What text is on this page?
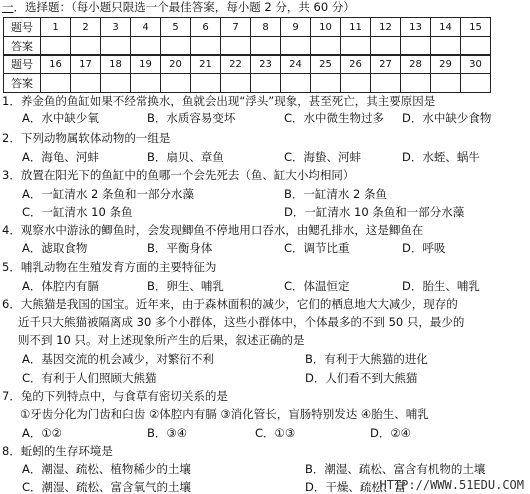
一．选择题：（每小题只限选一个最佳答案，每小题 2 分，共 60 分）
题号	1	2	3	4	5	6	7	8	9	10	11	12	13	14	15
答案															
题号	16	17	18	19	20	21	22	23	24	25	26	27	28	29	30
答案															
1．养金鱼的鱼缸如果不经常换水，鱼就会出现“浮头”现象，甚至死亡，其主要原因是
A．水中缺少氧	B．水质容易变坏	C．水中微生物过多 D．水中缺少食物
2．下列动物属软体动物的一组是
A．海龟、河蚌	B．扇贝、章鱼	C．海蛰、河蚌	D．水蛭、蜗牛
3．放置在阳光下的鱼缸中的鱼哪一个会先死去（鱼、缸大小均相同）
A．一缸清水 2 条鱼和一部分水藻	B．一缸清水 2 条鱼
C．一缸清水 10 条鱼	D．一缸清水 10 条鱼和一部分水藻
4．观察水中游泳的鲫鱼时，会发现鲫鱼不停地用口吞水，由鳃孔排水，这是鲫鱼在
A．滤取食物	B．平衡身体	C．调节比重	D．呼吸
5．哺乳动物在生殖发育方面的主要特征为
A．体腔内有膈	B．卵生、哺乳	C．体温恒定	D．胎生、哺乳
6．大熊猫是我国的国宝。近年来，由于森林面积的减少，它们的栖息地大大减少，现存的
近千只大熊猫被隔离成 30 多个小群体，这些小群体中，个体最多的不到 50 只，最少的
则不到 10 只。对上述现象所产生的后果，叙述正确的是
A．基因交流的机会减少，对繁衍不利	B．有利于大熊猫的进化
C．有利于人们照顾大熊猫	D．人们看不到大熊猫
7．兔的下列特点中，与食草有密切关系的是
①牙齿分化为门齿和臼齿 ②体腔内有膈 ③消化管长，盲肠特别发达 ④胎生、哺乳
A．①②	B．③④	C．①③	D．②④
8．蚯蚓的生存环境是
A．潮湿、疏松、植物稀少的土壤	B．潮湿、疏松、富含有机物的土壤
C．潮湿、疏松、富含氧气的土壤	D．干燥、疏松、富
HTTP://WWW.51EDU.COM
